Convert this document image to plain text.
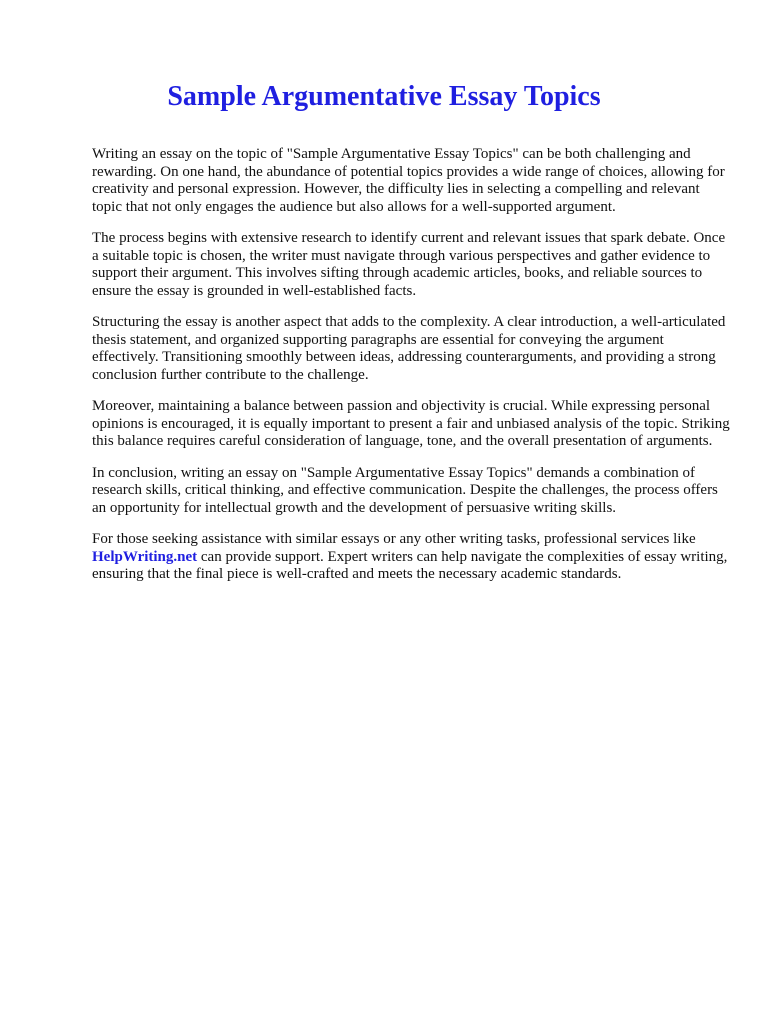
Sample Argumentative Essay Topics

Writing an essay on the topic of "Sample Argumentative Essay Topics" can be both challenging and rewarding. On one hand, the abundance of potential topics provides a wide range of choices, allowing for creativity and personal expression. However, the difficulty lies in selecting a compelling and relevant topic that not only engages the audience but also allows for a well-supported argument.

The process begins with extensive research to identify current and relevant issues that spark debate. Once a suitable topic is chosen, the writer must navigate through various perspectives and gather evidence to support their argument. This involves sifting through academic articles, books, and reliable sources to ensure the essay is grounded in well-established facts.

Structuring the essay is another aspect that adds to the complexity. A clear introduction, a well-articulated thesis statement, and organized supporting paragraphs are essential for conveying the argument effectively. Transitioning smoothly between ideas, addressing counterarguments, and providing a strong conclusion further contribute to the challenge.

Moreover, maintaining a balance between passion and objectivity is crucial. While expressing personal opinions is encouraged, it is equally important to present a fair and unbiased analysis of the topic. Striking this balance requires careful consideration of language, tone, and the overall presentation of arguments.

In conclusion, writing an essay on "Sample Argumentative Essay Topics" demands a combination of research skills, critical thinking, and effective communication. Despite the challenges, the process offers an opportunity for intellectual growth and the development of persuasive writing skills.

For those seeking assistance with similar essays or any other writing tasks, professional services like HelpWriting.net can provide support. Expert writers can help navigate the complexities of essay writing, ensuring that the final piece is well-crafted and meets the necessary academic standards.
